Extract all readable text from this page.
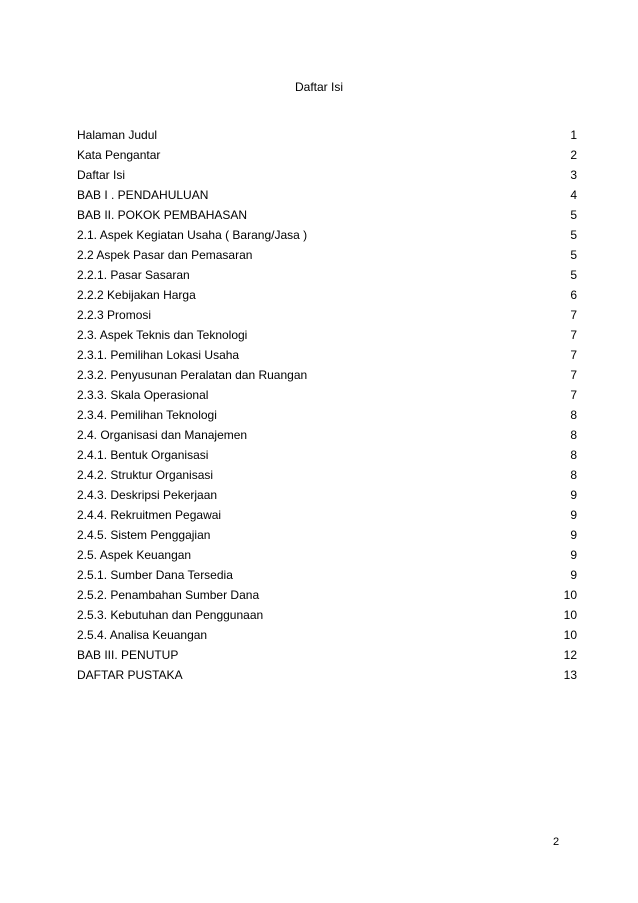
Daftar Isi
Halaman Judul	1
Kata Pengantar	2
Daftar Isi	3
BAB I . PENDAHULUAN	4
BAB II. POKOK PEMBAHASAN	5
2.1. Aspek Kegiatan Usaha ( Barang/Jasa )	5
2.2 Aspek Pasar dan Pemasaran	5
2.2.1. Pasar Sasaran	5
2.2.2 Kebijakan Harga	6
2.2.3 Promosi	7
2.3. Aspek Teknis dan Teknologi	7
2.3.1. Pemilihan Lokasi Usaha	7
2.3.2. Penyusunan Peralatan dan Ruangan	7
2.3.3. Skala Operasional	7
2.3.4. Pemilihan Teknologi	8
2.4. Organisasi dan Manajemen	8
2.4.1. Bentuk Organisasi	8
2.4.2. Struktur Organisasi	8
2.4.3. Deskripsi Pekerjaan	9
2.4.4. Rekruitmen Pegawai	9
2.4.5. Sistem Penggajian	9
2.5. Aspek Keuangan	9
2.5.1. Sumber Dana Tersedia	9
2.5.2. Penambahan Sumber Dana	10
2.5.3. Kebutuhan dan Penggunaan	10
2.5.4. Analisa Keuangan	10
BAB III. PENUTUP	12
DAFTAR PUSTAKA	13
2
